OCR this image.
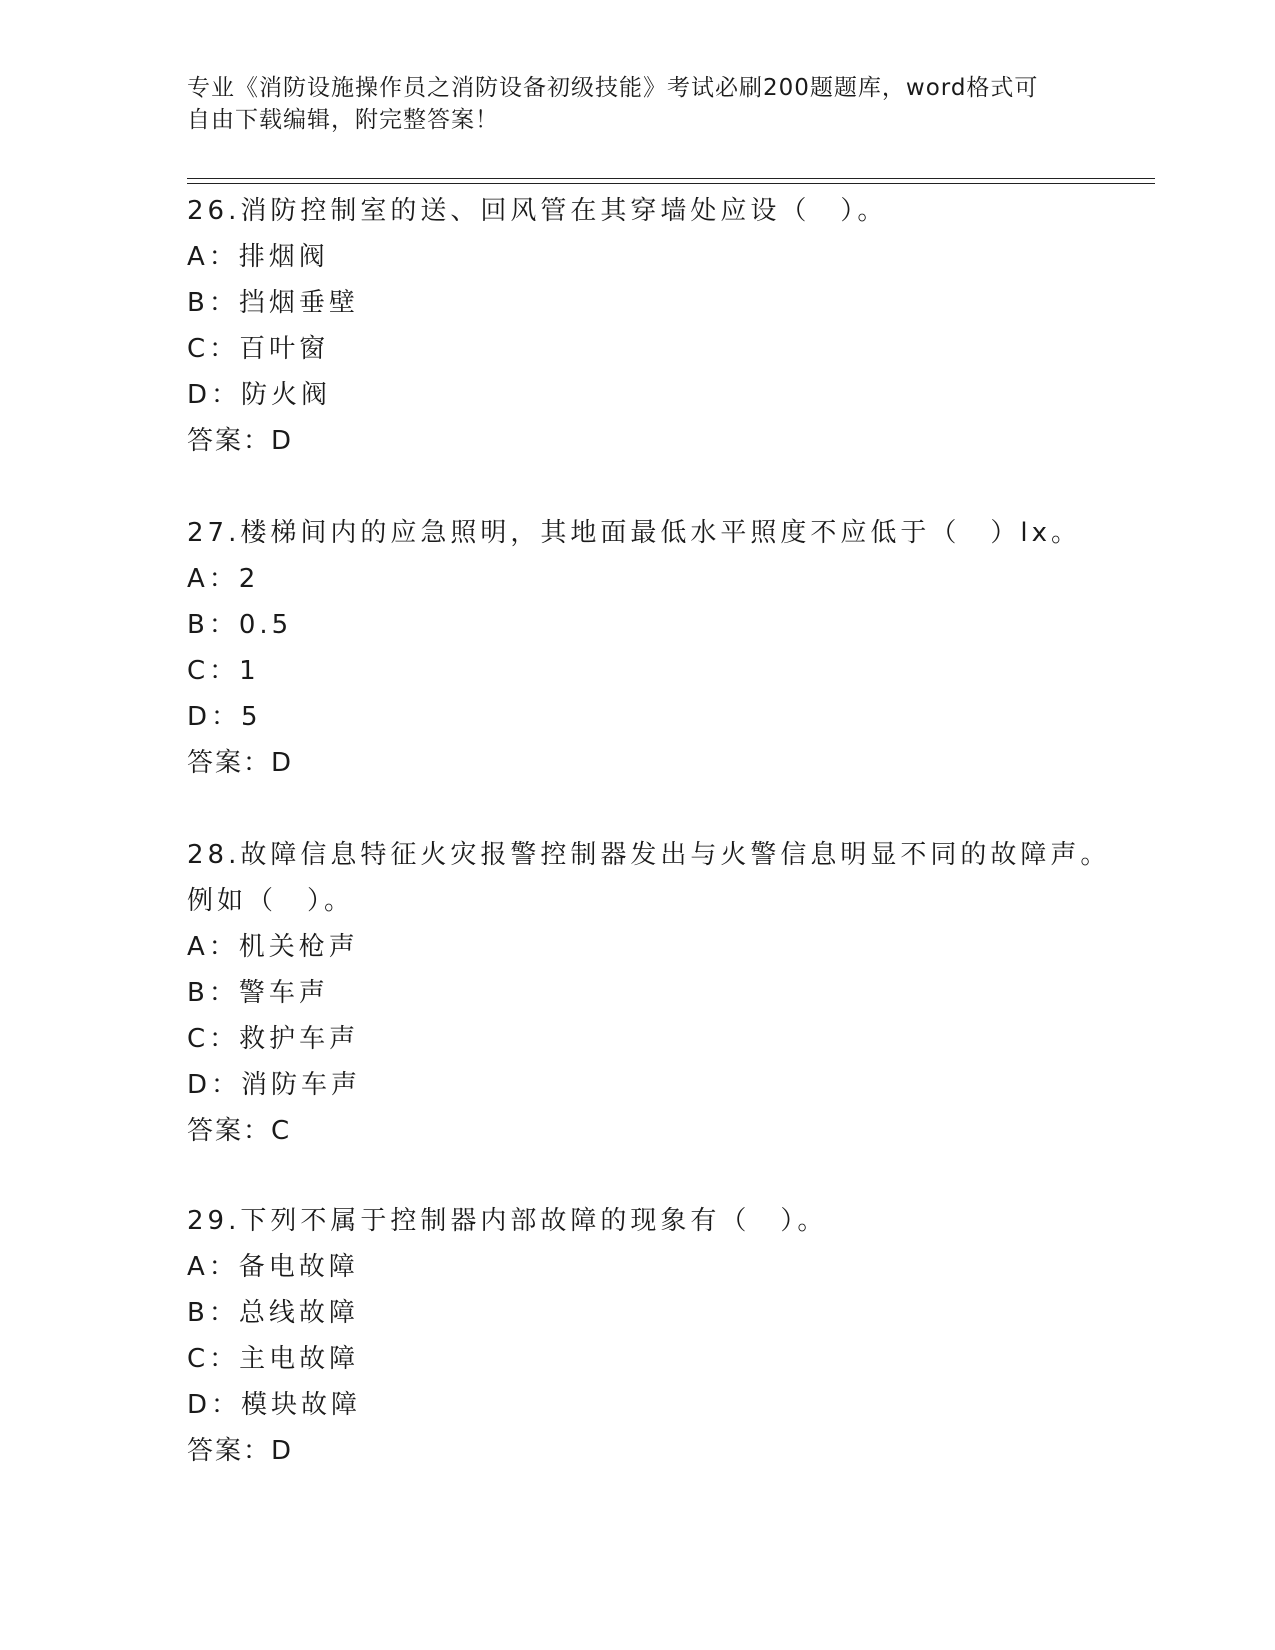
专业《消防设施操作员之消防设备初级技能》考试必刷200题题库，word格式可
自由下载编辑，附完整答案！
26.消防控制室的送、回风管在其穿墙处应设（　）。
A：排烟阀
B：挡烟垂壁
C：百叶窗
D：防火阀
答案：D
27.楼梯间内的应急照明，其地面最低水平照度不应低于（　）lx。
A：2
B：0.5
C：1
D：5
答案：D
28.故障信息特征火灾报警控制器发出与火警信息明显不同的故障声。
例如（　）。
A：机关枪声
B：警车声
C：救护车声
D：消防车声
答案：C
29.下列不属于控制器内部故障的现象有（　）。
A：备电故障
B：总线故障
C：主电故障
D：模块故障
答案：D
